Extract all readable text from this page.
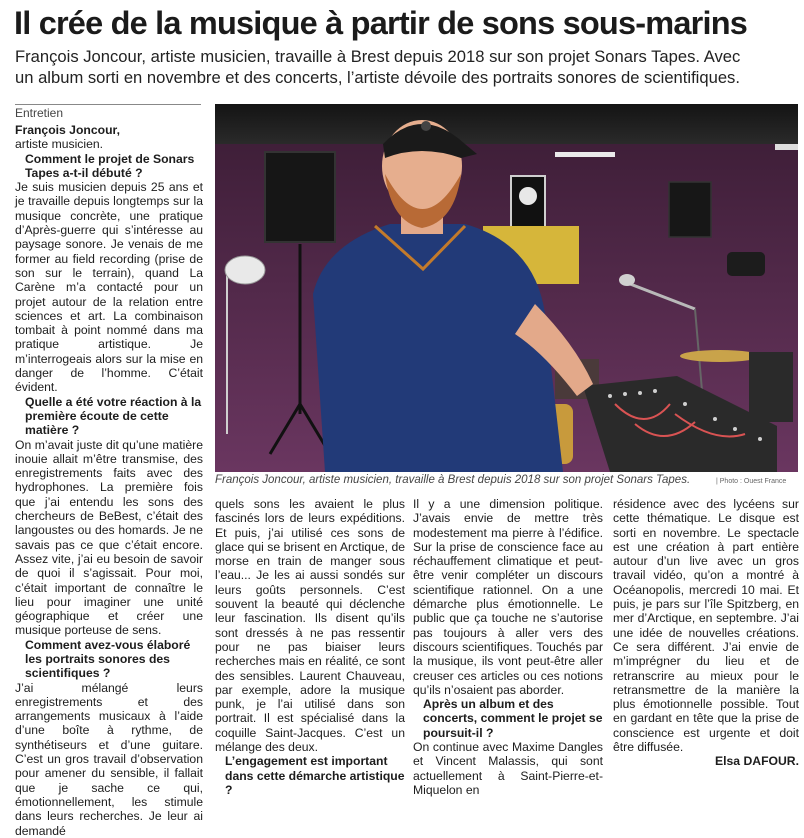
Il crée de la musique à partir de sons sous-marins
François Joncour, artiste musicien, travaille à Brest depuis 2018 sur son projet Sonars Tapes. Avec
un album sorti en novembre et des concerts, l’artiste dévoile des portraits sonores de scientifiques.
Entretien

François Joncour,

artiste musicien.

Comment le projet de Sonars Tapes a-t-il débuté ?

Je suis musicien depuis 25 ans et je travaille depuis longtemps sur la musique concrète, une pratique d’Après-guerre qui s’intéresse au paysage sonore. Je venais de me former au field recording (prise de son sur le terrain), quand La Carène m’a contacté pour un projet autour de la relation entre sciences et art. La combinaison tombait à point nommé dans ma pratique artistique. Je m’interrogeais alors sur la mise en danger de l’homme. C’était évident.

Quelle a été votre réaction à la première écoute de cette matière ?

On m’avait juste dit qu’une matière inouie allait m’être transmise, des enregistrements faits avec des hydrophones. La première fois que j’ai entendu les sons des chercheurs de BeBest, c’était des langoustes ou des homards. Je ne savais pas ce que c’était encore. Assez vite, j’ai eu besoin de savoir de quoi il s’agissait. Pour moi, c’était important de connaître le lieu pour imaginer une unité géographique et créer une musique porteuse de sens.

Comment avez-vous élaboré les portraits sonores des scientifiques ?

J’ai mélangé leurs enregistrements et des arrangements musicaux à l’aide d’une boîte à rythme, de synthétiseurs et d’une guitare. C’est un gros travail d’observation pour amener du sensible, il fallait que je sache ce qui, émotionnellement, les stimule dans leurs recherches. Je leur ai demandé

François Joncour, artiste musicien, travaille à Brest depuis 2018 sur son projet Sonars Tapes.	| Photo : Ouest France

quels sons les avaient le plus fascinés lors de leurs expéditions. Et puis, j’ai utilisé ces sons de glace qui se brisent en Arctique, de morse en train de manger sous l’eau... Je les ai aussi sondés sur leurs goûts personnels. C’est souvent la beauté qui déclenche leur fascination. Ils disent qu’ils sont dressés à ne pas ressentir pour ne pas biaiser leurs recherches mais en réalité, ce sont des sensibles. Laurent Chauveau, par exemple, adore la musique punk, je l’ai utilisé dans son portrait. Il est spécialisé dans la coquille Saint-Jacques. C’est un mélange des deux.

L’engagement est important dans cette démarche artistique ?

Il y a une dimension politique. J’avais envie de mettre très modestement ma pierre à l’édifice. Sur la prise de conscience face au réchauffement climatique et peut-être venir compléter un discours scientifique rationnel. On a une démarche plus émotionnelle. Le public que ça touche ne s’autorise pas toujours à aller vers des discours scientifiques. Touchés par la musique, ils vont peut-être aller creuser ces articles ou ces notions qu’ils n’osaient pas aborder.

Après un album et des concerts, comment le projet se poursuit-il ?

On continue avec Maxime Dangles et Vincent Malassis, qui sont actuellement à Saint-Pierre-et-Miquelon en

résidence avec des lycéens sur cette thématique. Le disque est sorti en novembre. Le spectacle est une création à part entière autour d’un live avec un gros travail vidéo, qu’on a montré à Océanopolis, mercredi 10 mai. Et puis, je pars sur l’île Spitzberg, en mer d’Arctique, en septembre. J’ai une idée de nouvelles créations. Ce sera différent. J’ai envie de m’imprégner du lieu et de retranscrire au mieux pour le retransmettre de la manière la plus émotionnelle possible. Tout en gardant en tête que la prise de conscience est urgente et doit être diffusée.

Elsa DAFOUR.
